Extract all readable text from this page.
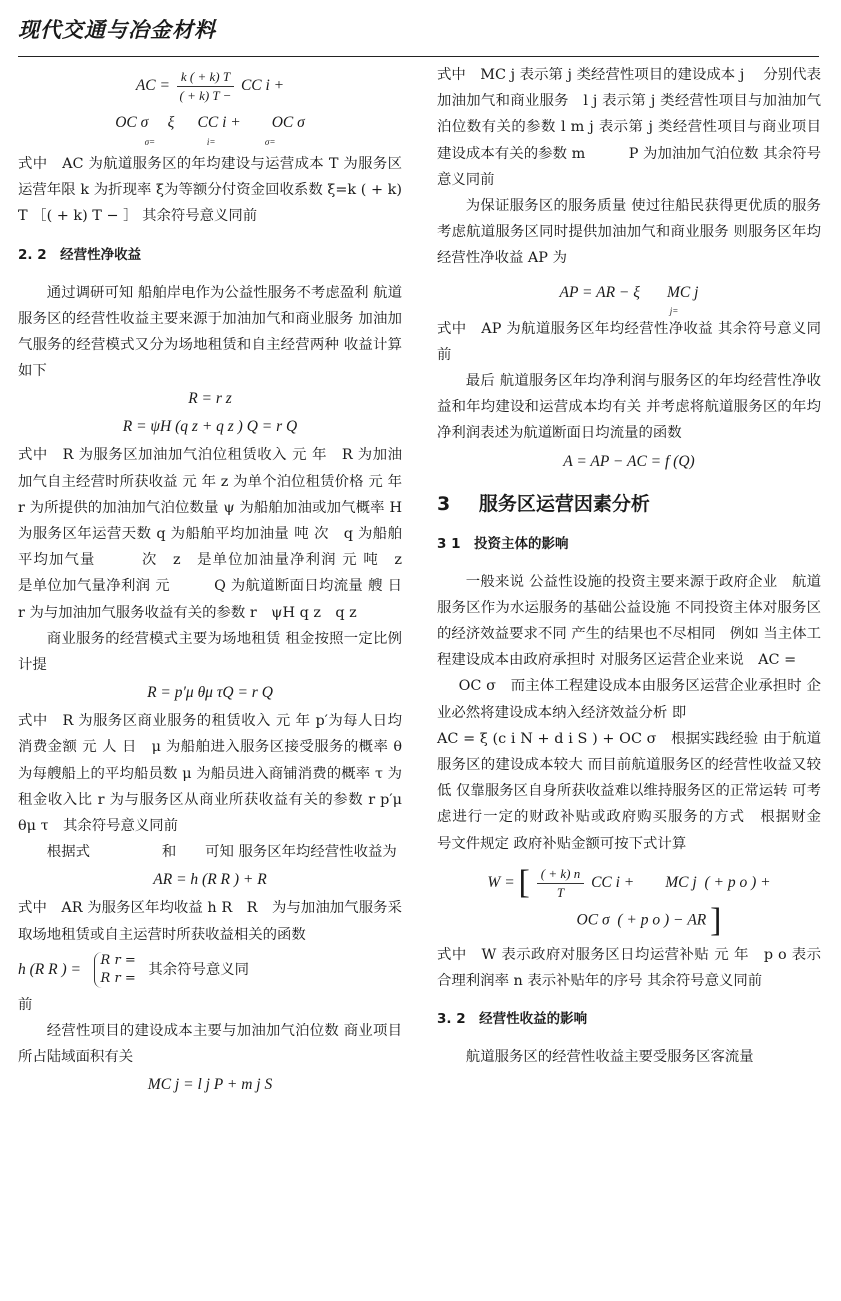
现代交通与冶金材料
AC = $\frac{k ( + k) T}{( + k) T -}$ CC i +
OC σ     ξ      CC i +        OC σ
σ=                       i=                      σ=

式中　AC 为航道服务区的年均建设与运营成本 T 为服务区运营年限 k 为折现率 ξ为等额分付资金回收系数 ξ=k ( + k) T ［( + k) T − ］ 其余符号意义同前

2. 2　经营性净收益

通过调研可知 船舶岸电作为公益性服务不考虑盈利 航道服务区的经营性收益主要来源于加油加气和商业服务 加油加气服务的经营模式又分为场地租赁和自主经营两种 收益计算如下

R = r z
R = ψH (q z + q z ) Q = r Q

式中　R 为服务区加油加气泊位租赁收入 元 年　R 为加油 加气自主经营时所获收益 元 年 z 为单个泊位租赁价格 元 年　r 为所提供的加油加气泊位数量 ψ 为船舶加油或加气概率 H 为服务区年运营天数 q 为船舶平均加油量 吨 次　q 为船舶平均加气量　　　次　z　是单位加油量净利润 元 吨　z　是单位加气量净利润 元　　　Q 为航道断面日均流量 艘 日　r 为与加油加气服务收益有关的参数 r　ψH q z　q z

商业服务的经营模式主要为场地租赁 租金按照一定比例计提

R = p′μ θμ τQ = r Q

式中　R 为服务区商业服务的租赁收入 元 年 p′为每人日均消费金额 元 人 日　μ 为船舶进入服务区接受服务的概率 θ 为每艘船上的平均船员数 μ 为船员进入商铺消费的概率 τ 为租金收入比 r 为与服务区从商业所获收益有关的参数 r p′μ θμ τ　其余符号意义同前

根据式　　　　　和　　可知 服务区年均经营性收益为

AR = h (R R ) + R

式中　AR 为服务区年均收益 h R　R　为与加油加气服务采取场地租赁或自主运营时所获收益相关的函数

h (R R ) =
R r =
R r =
其余符号意义同

前

经营性项目的建设成本主要与加油加气泊位数 商业项目所占陆域面积有关

MC j = l j P + m j S

式中　MC j 表示第 j 类经营性项目的建设成本 j　 分别代表加油加气和商业服务　l j 表示第 j 类经营性项目与加油加气泊位数有关的参数 l m j 表示第 j 类经营性项目与商业项目建设成本有关的参数 m　　　P 为加油加气泊位数 其余符号意义同前

为保证服务区的服务质量 使过往船民获得更优质的服务 考虑航道服务区同时提供加油加气和商业服务 则服务区年均经营性净收益 AP 为

AP = AR − ξ       MC j
j=

式中　AP 为航道服务区年均经营性净收益 其余符号意义同前

最后 航道服务区年均净利润与服务区的年均经营性净收益和年均建设和运营成本均有关 并考虑将航道服务区的年均净利润表述为航道断面日均流量的函数

A = AP − AC = f (Q)
3 服务区运营因素分析
3 1　投资主体的影响

一般来说 公益性设施的投资主要来源于政府企业　航道服务区作为水运服务的基础公益设施 不同投资主体对服务区的经济效益要求不同 产生的结果也不尽相同　例如 当主体工程建设成本由政府承担时 对服务区运营企业来说　AC =

OC σ　而主体工程建设成本由服务区运营企业承担时 企业必然将建设成本纳入经济效益分析 即

AC = ξ (c i N + d i S ) + OC σ　根据实践经验 由于航道服务区的建设成本较大 而目前航道服务区的经营性收益又较低 仅靠服务区自身所获收益难以维持服务区的正常运转 可考虑进行一定的财政补贴或政府购买服务的方式　根据财金　号文件规定 政府补贴金额可按下式计算

W = [ $\frac{( + k) n}{T}$ CC i +        MC j  ( + p o ) +
OC σ  ( + p o ) − AR ]

式中　W 表示政府对服务区日均运营补贴 元 年　p o 表示合理利润率 n 表示补贴年的序号 其余符号意义同前

3. 2　经营性收益的影响

航道服务区的经营性收益主要受服务区客流量
